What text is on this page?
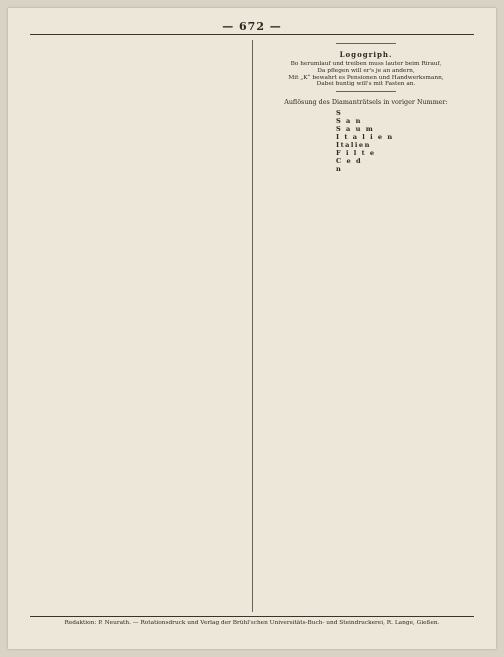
— 672 —
Logogriph.
Bo herumlauf und treiben muss lauter beim Rirauf,
Da pflegen will er's je an andern,
Mit „K“ bewahrt es Pensionen und Handwerksmann,
Dabei buntig will's mit Fasten an.
Auflösung des Diamanträtsels in voriger Nummer:
S
S a n
S a u m
I t a l i e n
Italien
F i l t e
C e d
n
Redaktion: P. Neurath. — Rotationsdruck und Verlag der Brühl'schen Universitäts-Buch- und Steindruckerei, R. Lange, Gießen.
